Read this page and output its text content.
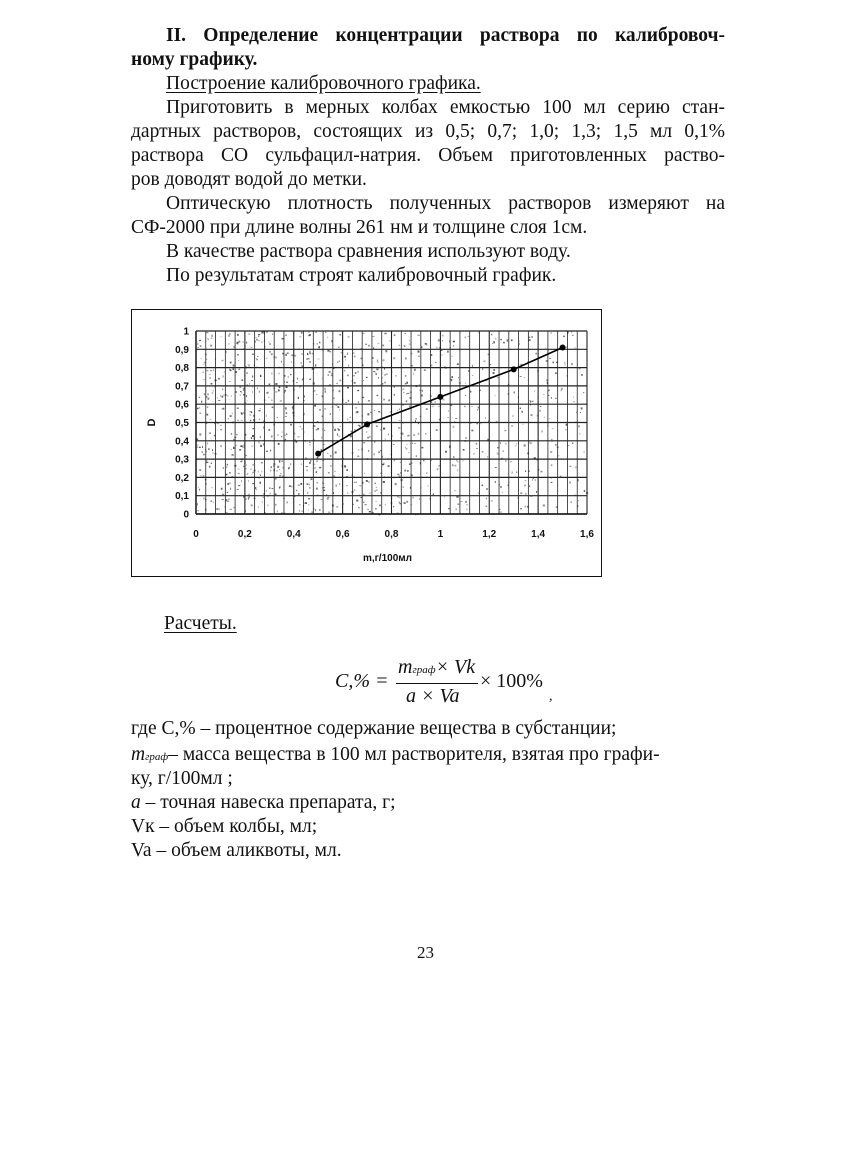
II. Определение концентрации раствора по калибровоч-
ному графику.
Построение калибровочного графика.
Приготовить в мерных колбах емкостью 100 мл серию стан-
дартных растворов, состоящих из 0,5; 0,7; 1,0; 1,3; 1,5 мл 0,1%
раствора СО сульфацил-натрия. Объем приготовленных раство-
ров доводят водой до метки.
Оптическую плотность полученных растворов измеряют на
СФ-2000 при длине волны 261 нм и толщине слоя 1см.
В качестве раствора сравнения используют воду.
По результатам строят калибровочный график.
0
0,1
0,2
0,3
0,4
0,5
0,6
0,7
0,8
0,9
1
0	0,2	0,4	0,6	0,8	1	1,2	1,4	1,6
m,г/100мл
D
Расчеты.
C,% =
mграф× Vk
a × Va
× 100%
,
где С,% – процентное содержание вещества в субстанции;
mграф– масса вещества в 100 мл растворителя, взятая про графи-
ку, г/100мл ;
a – точная навеска препарата, г;
Vк – объем колбы, мл;
Va – объем аликвоты, мл.
23
